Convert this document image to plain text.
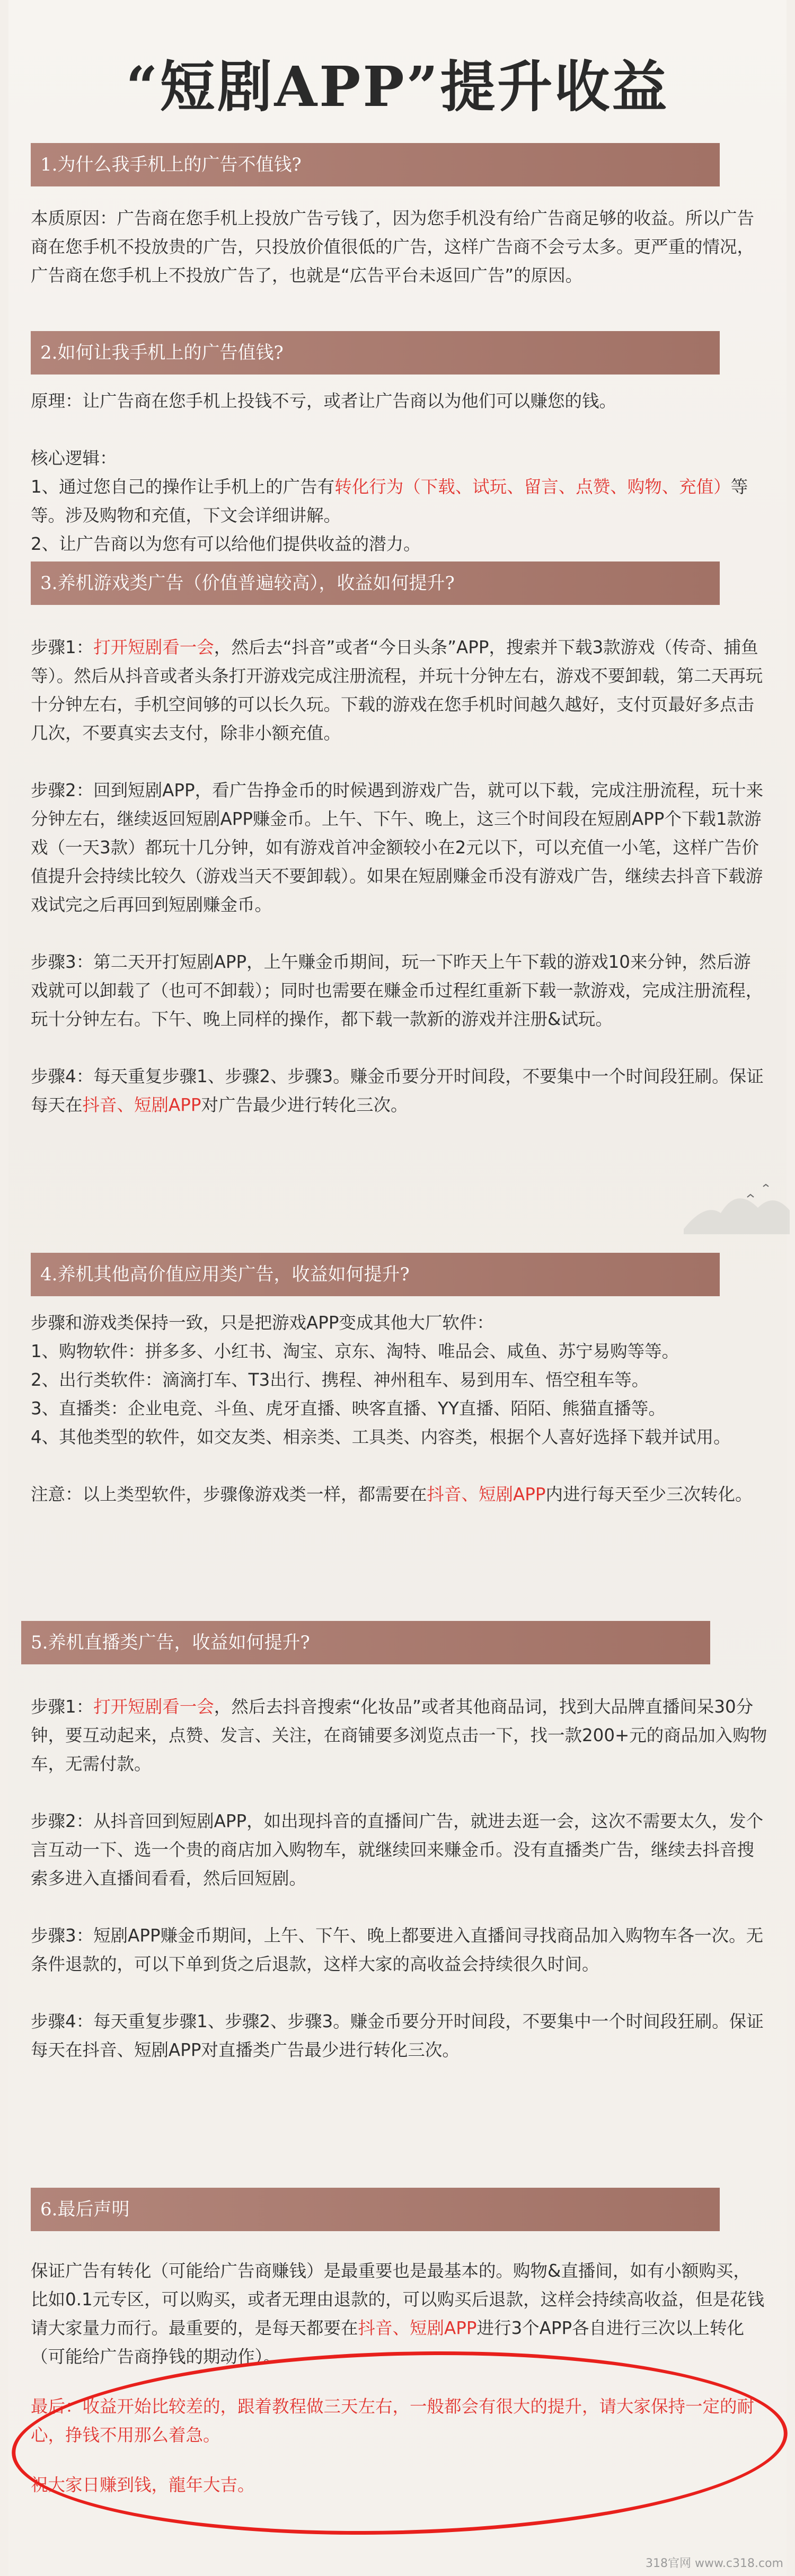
“短剧APP”提升收益
1.为什么我手机上的广告不值钱?

本质原因：广告商在您手机上投放广告亏钱了，因为您手机没有给广告商足够的收益。所以广告商在您手机不投放贵的广告，只投放价值很低的广告，这样广告商不会亏太多。更严重的情况，广告商在您手机上不投放广告了，也就是“広告平台未返回广告”的原因。

2.如何让我手机上的广告值钱?

原理：让广告商在您手机上投钱不亏，或者让广告商以为他们可以赚您的钱。

核心逻辑：

1、通过您自己的操作让手机上的广告有转化行为（下载、试玩、留言、点赞、购物、充值）等等。涉及购物和充值，下文会详细讲解。

2、让广告商以为您有可以给他们提供收益的潜力。

3.养机游戏类广告（价值普遍较高），收益如何提升?

步骤1：打开短剧看一会，然后去“抖音”或者“今日头条”APP，搜索并下载3款游戏（传奇、捕鱼等）。然后从抖音或者头条打开游戏完成注册流程，并玩十分钟左右，游戏不要卸载，第二天再玩十分钟左右，手机空间够的可以长久玩。下载的游戏在您手机时间越久越好，支付页最好多点击几次，不要真实去支付，除非小额充值。

步骤2：回到短剧APP，看广告挣金币的时候遇到游戏广告，就可以下载，完成注册流程，玩十来分钟左右，继续返回短剧APP赚金币。上午、下午、晚上，这三个时间段在短剧APP个下载1款游戏（一天3款）都玩十几分钟，如有游戏首冲金额较小在2元以下，可以充值一小笔，这样广告价值提升会持续比较久（游戏当天不要卸载）。如果在短剧赚金币没有游戏广告，继续去抖音下载游戏试完之后再回到短剧赚金币。

步骤3：第二天开打短剧APP，上午赚金币期间，玩一下昨天上午下载的游戏10来分钟，然后游戏就可以卸载了（也可不卸载）；同时也需要在赚金币过程红重新下载一款游戏，完成注册流程，玩十分钟左右。下午、晚上同样的操作，都下载一款新的游戏并注册&试玩。

步骤4：每天重复步骤1、步骤2、步骤3。赚金币要分开时间段，不要集中一个时间段狂刷。保证每天在抖音、短剧APP对广告最少进行转化三次。

4.养机其他高价值应用类广告，收益如何提升?

步骤和游戏类保持一致，只是把游戏APP变成其他大厂软件：

1、购物软件：拼多多、小红书、淘宝、京东、淘特、唯品会、咸鱼、苏宁易购等等。

2、出行类软件：滴滴打车、T3出行、携程、神州租车、易到用车、悟空租车等。

3、直播类：企业电竞、斗鱼、虎牙直播、映客直播、YY直播、陌陌、熊猫直播等。

4、其他类型的软件，如交友类、相亲类、工具类、内容类，根据个人喜好选择下载并试用。

注意：以上类型软件，步骤像游戏类一样，都需要在抖音、短剧APP内进行每天至少三次转化。

5.养机直播类广告，收益如何提升?

步骤1：打开短剧看一会，然后去抖音搜索“化妆品”或者其他商品词，找到大品牌直播间呆30分钟，要互动起来，点赞、发言、关注，在商铺要多浏览点击一下，找一款200+元的商品加入购物车，无需付款。

步骤2：从抖音回到短剧APP，如出现抖音的直播间广告，就进去逛一会，这次不需要太久，发个言互动一下、选一个贵的商店加入购物车，就继续回来赚金币。没有直播类广告，继续去抖音搜索多进入直播间看看，然后回短剧。

步骤3：短剧APP赚金币期间，上午、下午、晚上都要进入直播间寻找商品加入购物车各一次。无条件退款的，可以下单到货之后退款，这样大家的高收益会持续很久时间。

步骤4：每天重复步骤1、步骤2、步骤3。赚金币要分开时间段，不要集中一个时间段狂刷。保证每天在抖音、短剧APP对直播类广告最少进行转化三次。

6.最后声明

保证广告有转化（可能给广告商赚钱）是最重要也是最基本的。购物&直播间，如有小额购买，比如0.1元专区，可以购买，或者无理由退款的，可以购买后退款，这样会持续高收益，但是花钱请大家量力而行。最重要的，是每天都要在抖音、短剧APP进行3个APP各自进行三次以上转化（可能给广告商挣钱的期动作）。

最后：收益开始比较差的，跟着教程做三天左右，一般都会有很大的提升，请大家保持一定的耐心，挣钱不用那么着急。

祝大家日赚到钱，龍年大吉。

318官网 www.c318.com
